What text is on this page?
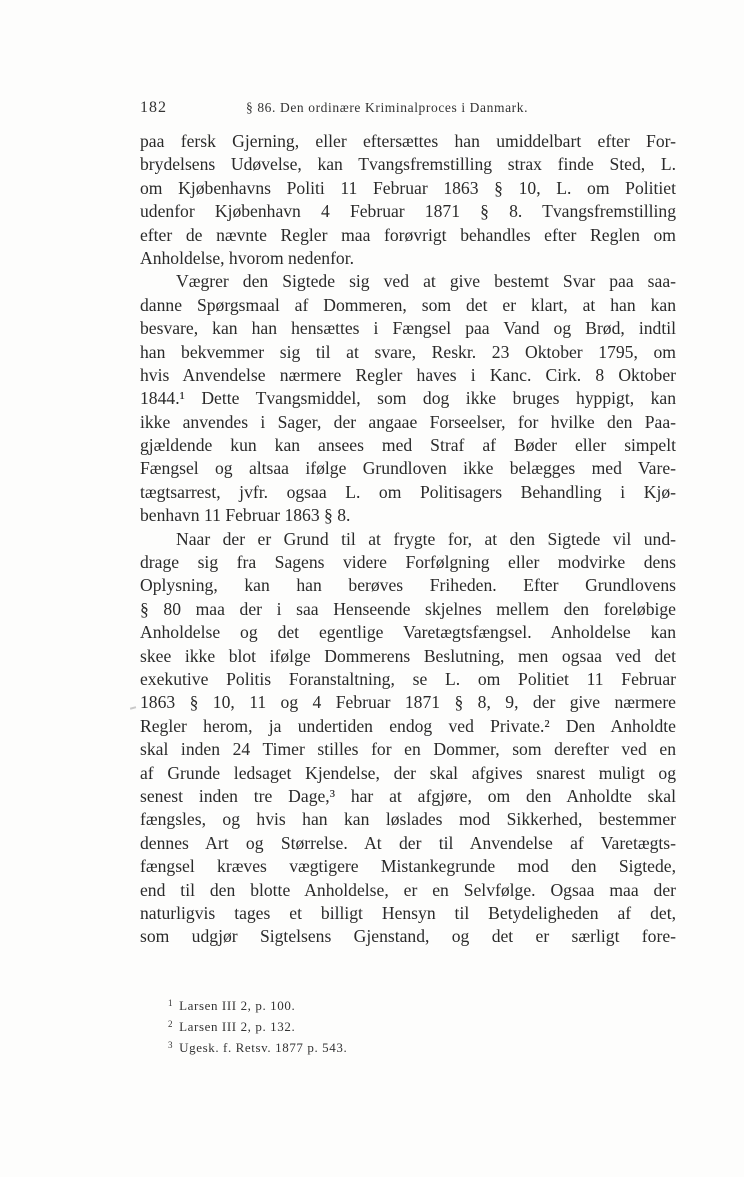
182	§ 86. Den ordinære Kriminalproces i Danmark.
paa fersk Gjerning, eller eftersættes han umiddelbart efter For-
brydelsens Udøvelse, kan Tvangsfremstilling strax finde Sted, L.
om Kjøbenhavns Politi 11 Februar 1863 § 10, L. om Politiet
udenfor Kjøbenhavn 4 Februar 1871 § 8. Tvangsfremstilling
efter de nævnte Regler maa forøvrigt behandles efter Reglen om
Anholdelse, hvorom nedenfor.
Vægrer den Sigtede sig ved at give bestemt Svar paa saa-
danne Spørgsmaal af Dommeren, som det er klart, at han kan
besvare, kan han hensættes i Fængsel paa Vand og Brød, indtil
han bekvemmer sig til at svare, Reskr. 23 Oktober 1795, om
hvis Anvendelse nærmere Regler haves i Kanc. Cirk. 8 Oktober
1844.¹ Dette Tvangsmiddel, som dog ikke bruges hyppigt, kan
ikke anvendes i Sager, der angaae Forseelser, for hvilke den Paa-
gjældende kun kan ansees med Straf af Bøder eller simpelt
Fængsel og altsaa ifølge Grundloven ikke belægges med Vare-
tægtsarrest, jvfr. ogsaa L. om Politisagers Behandling i Kjø-
benhavn 11 Februar 1863 § 8.
Naar der er Grund til at frygte for, at den Sigtede vil und-
drage sig fra Sagens videre Forfølgning eller modvirke dens
Oplysning, kan han berøves Friheden. Efter Grundlovens
§ 80 maa der i saa Henseende skjelnes mellem den foreløbige
Anholdelse og det egentlige Varetægtsfængsel. Anholdelse kan
skee ikke blot ifølge Dommerens Beslutning, men ogsaa ved det
exekutive Politis Foranstaltning, se L. om Politiet 11 Februar
1863 § 10, 11 og 4 Februar 1871 § 8, 9, der give nærmere
Regler herom, ja undertiden endog ved Private.² Den Anholdte
skal inden 24 Timer stilles for en Dommer, som derefter ved en
af Grunde ledsaget Kjendelse, der skal afgives snarest muligt og
senest inden tre Dage,³ har at afgjøre, om den Anholdte skal
fængsles, og hvis han kan løslades mod Sikkerhed, bestemmer
dennes Art og Størrelse. At der til Anvendelse af Varetægts-
fængsel kræves vægtigere Mistankegrunde mod den Sigtede,
end til den blotte Anholdelse, er en Selvfølge. Ogsaa maa der
naturligvis tages et billigt Hensyn til Betydeligheden af det,
som udgjør Sigtelsens Gjenstand, og det er særligt fore-
$^1$ Larsen III 2, p. 100.
$^2$ Larsen III 2, p. 132.
$^3$ Ugesk. f. Retsv. 1877 p. 543.
